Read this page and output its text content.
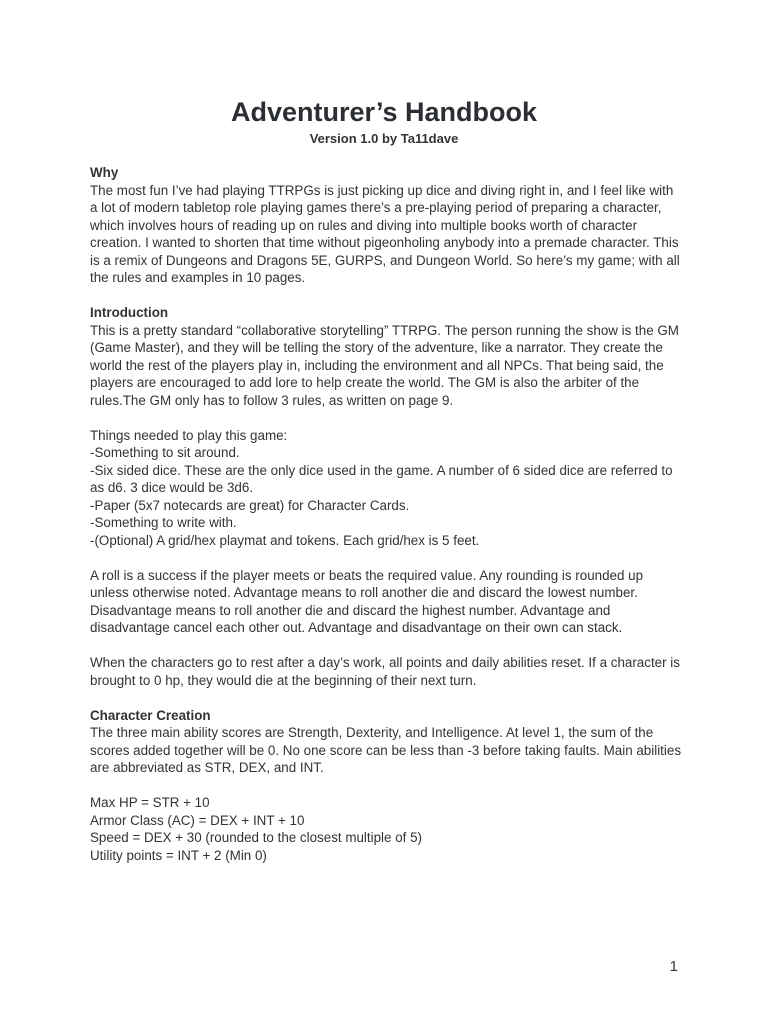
Adventurer’s Handbook
Version 1.0 by Ta11dave

Why
The most fun I’ve had playing TTRPGs is just picking up dice and diving right in, and I feel like with a lot of modern tabletop role playing games there’s a pre-playing period of preparing a character, which involves hours of reading up on rules and diving into multiple books worth of character creation. I wanted to shorten that time without pigeonholing anybody into a premade character. This is a remix of Dungeons and Dragons 5E, GURPS, and Dungeon World. So here’s my game; with all the rules and examples in 10 pages.

Introduction
This is a pretty standard “collaborative storytelling” TTRPG. The person running the show is the GM (Game Master), and they will be telling the story of the adventure, like a narrator. They create the world the rest of the players play in, including the environment and all NPCs. That being said, the players are encouraged to add lore to help create the world. The GM is also the arbiter of the rules.The GM only has to follow 3 rules, as written on page 9.

Things needed to play this game:
-Something to sit around.
-Six sided dice. These are the only dice used in the game. A number of 6 sided dice are referred to as d6. 3 dice would be 3d6.
-Paper (5x7 notecards are great) for Character Cards.
-Something to write with.
-(Optional) A grid/hex playmat and tokens. Each grid/hex is 5 feet.

A roll is a success if the player meets or beats the required value. Any rounding is rounded up unless otherwise noted. Advantage means to roll another die and discard the lowest number. Disadvantage means to roll another die and discard the highest number. Advantage and disadvantage cancel each other out. Advantage and disadvantage on their own can stack.

When the characters go to rest after a day’s work, all points and daily abilities reset. If a character is brought to 0 hp, they would die at the beginning of their next turn.

Character Creation
The three main ability scores are Strength, Dexterity, and Intelligence. At level 1, the sum of the scores added together will be 0. No one score can be less than -3 before taking faults. Main abilities are abbreviated as STR, DEX, and INT.

Max HP = STR + 10
Armor Class (AC) = DEX + INT + 10
Speed = DEX + 30 (rounded to the closest multiple of 5)
Utility points = INT + 2 (Min 0)

1
